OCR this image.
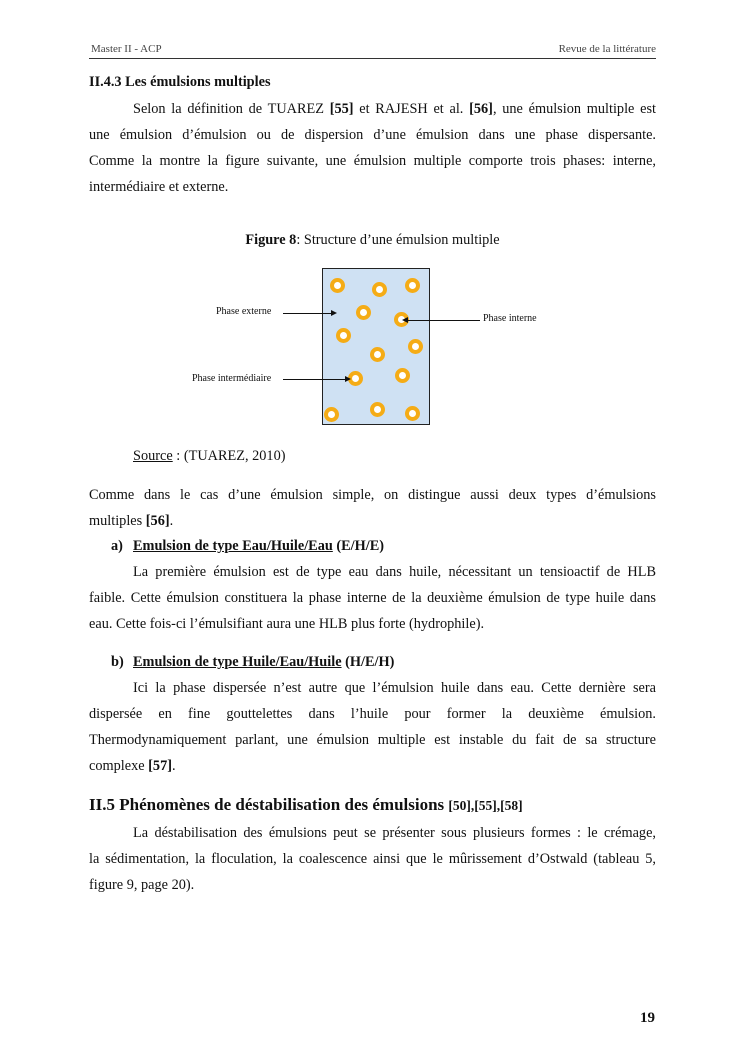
Master II - ACP	Revue de la littérature
II.4.3 Les émulsions multiples
Selon la définition de TUAREZ [55] et RAJESH et al. [56], une émulsion multiple est
une émulsion d’émulsion ou de dispersion d’une émulsion dans une phase dispersante.
Comme la montre la figure suivante, une émulsion multiple comporte trois phases: interne,
intermédiaire et externe.
Figure 8: Structure d’une émulsion multiple
Phase externe
Phase interne
Phase intermédiaire
Source : (TUAREZ, 2010)
Comme dans le cas d’une émulsion simple, on distingue aussi deux types d’émulsions
multiples [56].
a) Emulsion de type Eau/Huile/Eau (E/H/E)
La première émulsion est de type eau dans huile, nécessitant un tensioactif de HLB
faible. Cette émulsion constituera la phase interne de la deuxième émulsion de type huile dans
eau. Cette fois-ci l’émulsifiant aura une HLB plus forte (hydrophile).
b) Emulsion de type Huile/Eau/Huile (H/E/H)
Ici la phase dispersée n’est autre que l’émulsion huile dans eau. Cette dernière sera
dispersée en fine gouttelettes dans l’huile pour former la deuxième émulsion.
Thermodynamiquement parlant, une émulsion multiple est instable du fait de sa structure
complexe [57].
II.5 Phénomènes de déstabilisation des émulsions [50],[55],[58]
La déstabilisation des émulsions peut se présenter sous plusieurs formes : le crémage,
la sédimentation, la floculation, la coalescence ainsi que le mûrissement d’Ostwald (tableau 5,
figure 9, page 20).
19
